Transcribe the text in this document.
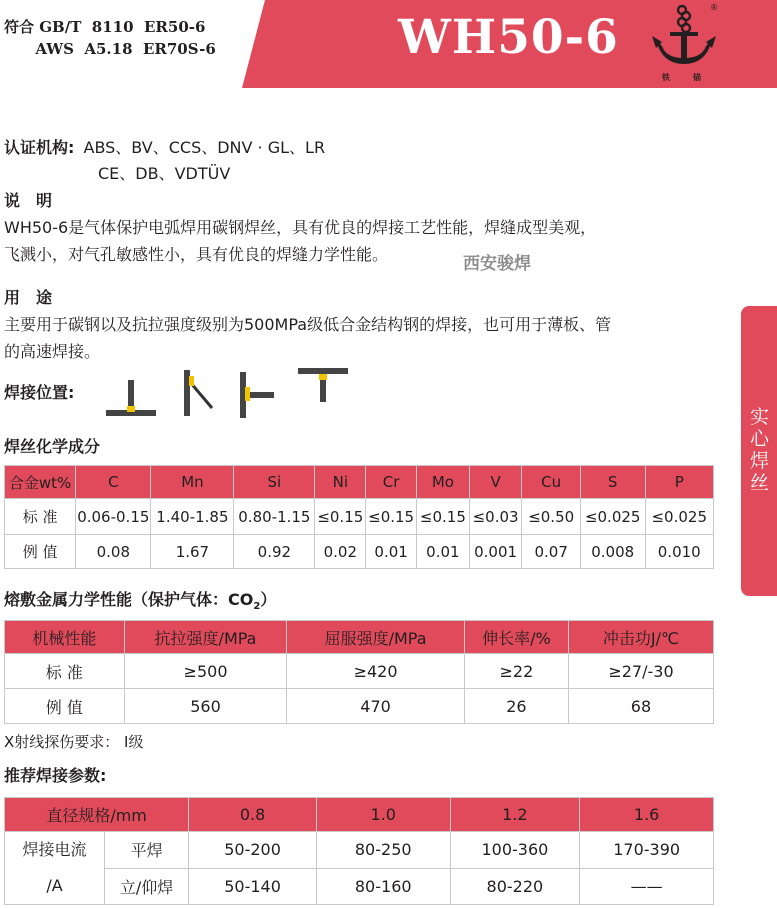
符合 GB/T  8110  ER50-6
AWS  A5.18  ER70S-6	WH50-6
铁	锚
®
认证机构: ABS、BV、CCS、DNV · GL、LR
CE、DB、VDTÜV
说　明
WH50-6是气体保护电弧焊用碳钢焊丝，具有优良的焊接工艺性能，焊缝成型美观，
飞溅小，对气孔敏感性小，具有优良的焊缝力学性能。	西安骏焊
用　途
主要用于碳钢以及抗拉强度级别为500MPa级低合金结构钢的焊接，也可用于薄板、管
的高速焊接。
焊接位置:
实心焊丝
焊丝化学成分
合金wt%	C	Mn	Si	Ni	Cr	Mo	V	Cu	S	P
标 准	0.06-0.15	1.40-1.85	0.80-1.15	≤0.15	≤0.15	≤0.15	≤0.03	≤0.50	≤0.025	≤0.025
例 值	0.08	1.67	0.92	0.02	0.01	0.01	0.001	0.07	0.008	0.010
熔敷金属力学性能（保护气体：$CO_2$）
机械性能	抗拉强度/MPa	屈服强度/MPa	伸长率/%	冲击功J/℃
标 准	≥500	≥420	≥22	≥27/-30
例 值	560	470	26	68
X射线探伤要求： Ⅰ级
推荐焊接参数:
直径规格/mm		0.8	1.0	1.2	1.6

焊接电流
/A	平焊	50-200	80-250	100-360	170-390
	立/仰焊	50-140	80-160	80-220	——
